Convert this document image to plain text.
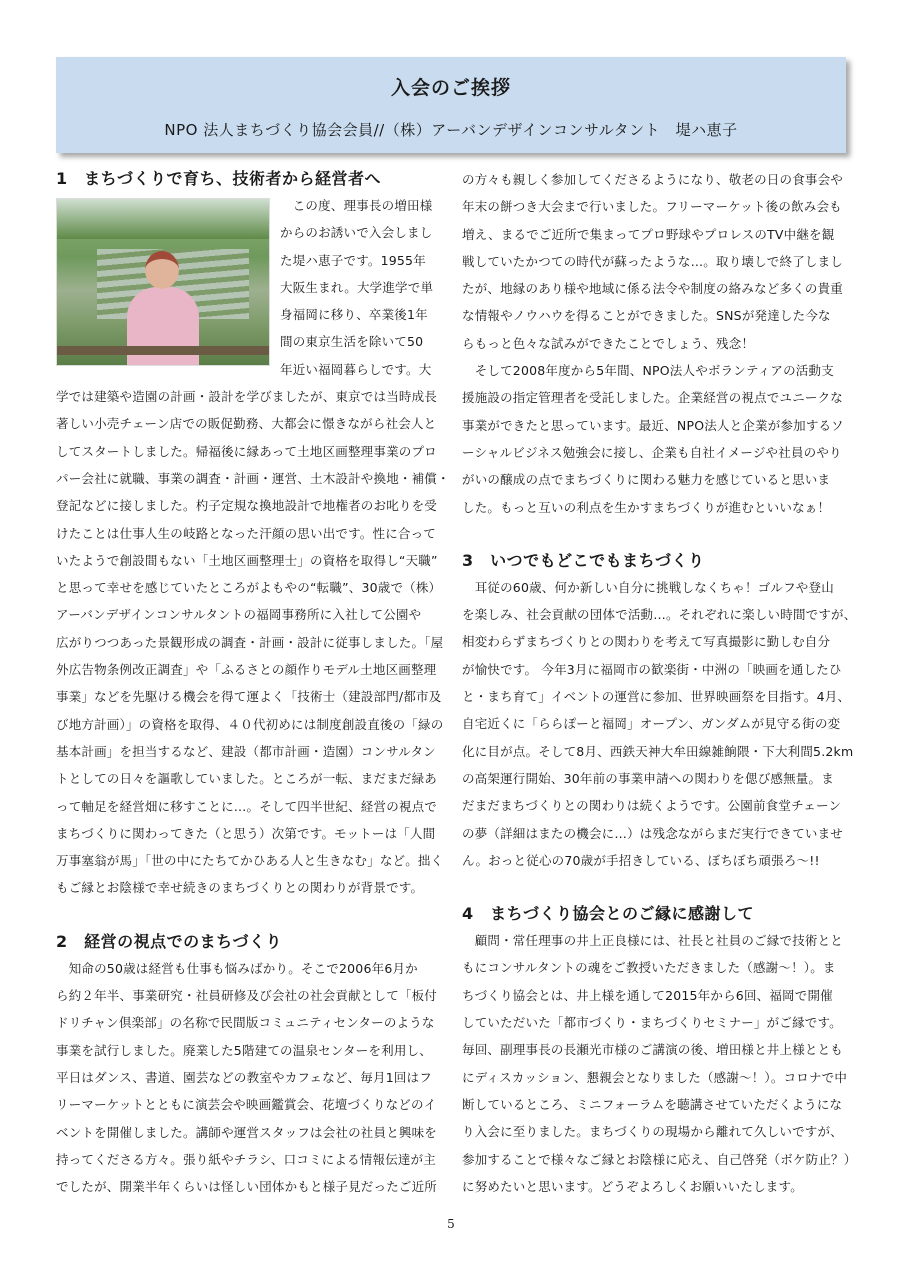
入会のご挨拶
NPO 法人まちづくり協会会員//（株）アーバンデザインコンサルタント　堤ハ恵子
1　まちづくりで育ち、技術者から経営者へ
　この度、理事長の増田様
からのお誘いで入会しまし
た堤ハ恵子です。1955年
大阪生まれ。大学進学で単
身福岡に移り、卒業後1年
間の東京生活を除いて50
年近い福岡暮らしです。大
学では建築や造園の計画・設計を学びましたが、東京では当時成長
著しい小売チェーン店での販促勤務、大都会に憬きながら社会人と
してスタートしました。帰福後に縁あって土地区画整理事業のプロ
パー会社に就職、事業の調査・計画・運営、土木設計や換地・補償・
登記などに接しました。杓子定規な換地設計で地権者のお叱りを受
けたことは仕事人生の岐路となった汗顔の思い出です。性に合って
いたようで創設間もない「土地区画整理士」の資格を取得し“天職”
と思って幸せを感じていたところがよもやの“転職”、30歳で（株）
アーバンデザインコンサルタントの福岡事務所に入社して公園や
広がりつつあった景観形成の調査・計画・設計に従事しました。「屋
外広告物条例改正調査」や「ふるさとの顔作りモデル土地区画整理
事業」などを先駆ける機会を得て運よく「技術士（建設部門/都市及
び地方計画）」の資格を取得、４０代初めには制度創設直後の「緑の
基本計画」を担当するなど、建設（都市計画・造園）コンサルタン
トとしての日々を謳歌していました。ところが一転、まだまだ緑あ
って軸足を経営畑に移すことに…。そして四半世紀、経営の視点で
まちづくりに関わってきた（と思う）次第です。モットーは「人間
万事塞翁が馬」「世の中にたちてかひある人と生きなむ」など。拙く
もご縁とお陰様で幸せ続きのまちづくりとの関わりが背景です。
2　経営の視点でのまちづくり
　知命の50歳は経営も仕事も悩みばかり。そこで2006年6月か
ら約２年半、事業研究・社員研修及び会社の社会貢献として「板付
ドリチャン倶楽部」の名称で民間版コミュニティセンターのような
事業を試行しました。廃業した5階建ての温泉センターを利用し、
平日はダンス、書道、園芸などの教室やカフェなど、毎月1回はフ
リーマーケットとともに演芸会や映画鑑賞会、花壇づくりなどのイ
ベントを開催しました。講師や運営スタッフは会社の社員と興味を
持ってくださる方々。張り紙やチラシ、口コミによる情報伝達が主
でしたが、開業半年くらいは怪しい団体かもと様子見だったご近所
の方々も親しく参加してくださるようになり、敬老の日の食事会や
年末の餅つき大会まで行いました。フリーマーケット後の飲み会も
増え、まるでご近所で集まってプロ野球やプロレスのTV中継を観
戦していたかつての時代が蘇ったような…。取り壊しで終了しまし
たが、地縁のあり様や地域に係る法令や制度の絡みなど多くの貴重
な情報やノウハウを得ることができました。SNSが発達した今な
らもっと色々な試みができたことでしょう、残念！
　そして2008年度から5年間、NPO法人やボランティアの活動支
援施設の指定管理者を受託しました。企業経営の視点でユニークな
事業ができたと思っています。最近、NPO法人と企業が参加するソ
ーシャルビジネス勉強会に接し、企業も自社イメージや社員のやり
がいの醸成の点でまちづくりに関わる魅力を感じていると思いま
した。もっと互いの利点を生かすまちづくりが進むといいなぁ！
3　いつでもどこでもまちづくり
　耳従の60歳、何か新しい自分に挑戦しなくちゃ！ゴルフや登山
を楽しみ、社会貢献の団体で活動…。それぞれに楽しい時間ですが、
相変わらずまちづくりとの関わりを考えて写真撮影に勤しむ自分
が愉快です。 今年3月に福岡市の歓楽街・中洲の「映画を通したひ
と・まち育て」イベントの運営に参加、世界映画祭を目指す。4月、
自宅近くに「ららぽーと福岡」オープン、ガンダムが見守る街の変
化に目が点。そして8月、西鉄天神大牟田線雑餉隈・下大利間5.2km
の高架運行開始、30年前の事業申請への関わりを偲び感無量。ま
だまだまちづくりとの関わりは続くようです。公園前食堂チェーン
の夢（詳細はまたの機会に…）は残念ながらまだ実行できていませ
ん。おっと従心の70歳が手招きしている、ぼちぼち頑張ろ～!!
4　まちづくり協会とのご縁に感謝して
　顧問・常任理事の井上正良様には、社長と社員のご縁で技術とと
もにコンサルタントの魂をご教授いただきました（感謝～！）。ま
ちづくり協会とは、井上様を通して2015年から6回、福岡で開催
していただいた「都市づくり・まちづくりセミナー」がご縁です。
毎回、副理事長の長瀬光市様のご講演の後、増田様と井上様ととも
にディスカッション、懇親会となりました（感謝～！）。コロナで中
断しているところ、ミニフォーラムを聴講させていただくようにな
り入会に至りました。まちづくりの現場から離れて久しいですが、
参加することで様々なご縁とお陰様に応え、自己啓発（ボケ防止？）
に努めたいと思います。どうぞよろしくお願いいたします。
5
